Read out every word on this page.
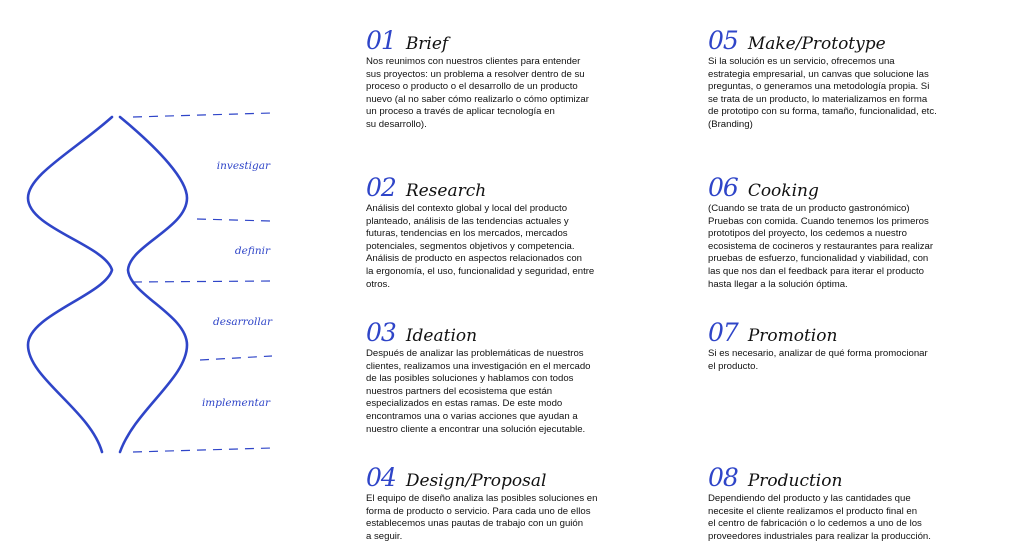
investigar
definir
desarrollar
implementar
01 Brief
Nos reunimos con nuestros clientes para entender
sus proyectos: un problema a resolver dentro de su
proceso o producto o el desarrollo de un producto
nuevo (al no saber cómo realizarlo o cómo optimizar
un proceso a través de aplicar tecnología en
su desarrollo).
02 Research
Análisis del contexto global y local del producto
planteado, análisis de las tendencias actuales y
futuras, tendencias en los mercados, mercados
potenciales, segmentos objetivos y competencia.
Análisis de producto en aspectos relacionados con
la ergonomía, el uso, funcionalidad y seguridad, entre
otros.
03 Ideation
Después de analizar las problemáticas de nuestros
clientes, realizamos una investigación en el mercado
de las posibles soluciones y hablamos con todos
nuestros partners del ecosistema que están
especializados en estas ramas. De este modo
encontramos una o varias acciones que ayudan a
nuestro cliente a encontrar una solución ejecutable.
04 Design/Proposal
El equipo de diseño analiza las posibles soluciones en
forma de producto o servicio. Para cada uno de ellos
establecemos unas pautas de trabajo con un guión
a seguir.
05 Make/Prototype
Si la solución es un servicio, ofrecemos una
estrategia empresarial, un canvas que solucione las
preguntas, o generamos una metodología propia. Si
se trata de un producto, lo materializamos en forma
de prototipo con su forma, tamaño, funcionalidad, etc.
(Branding)
06 Cooking
(Cuando se trata de un producto gastronómico)
Pruebas con comida. Cuando tenemos los primeros
prototipos del proyecto, los cedemos a nuestro
ecosistema de cocineros y restaurantes para realizar
pruebas de esfuerzo, funcionalidad y viabilidad, con
las que nos dan el feedback para iterar el producto
hasta llegar a la solución óptima.
07 Promotion
Si es necesario, analizar de qué forma promocionar
el producto.
08 Production
Dependiendo del producto y las cantidades que
necesite el cliente realizamos el producto final en
el centro de fabricación o lo cedemos a uno de los
proveedores industriales para realizar la producción.
